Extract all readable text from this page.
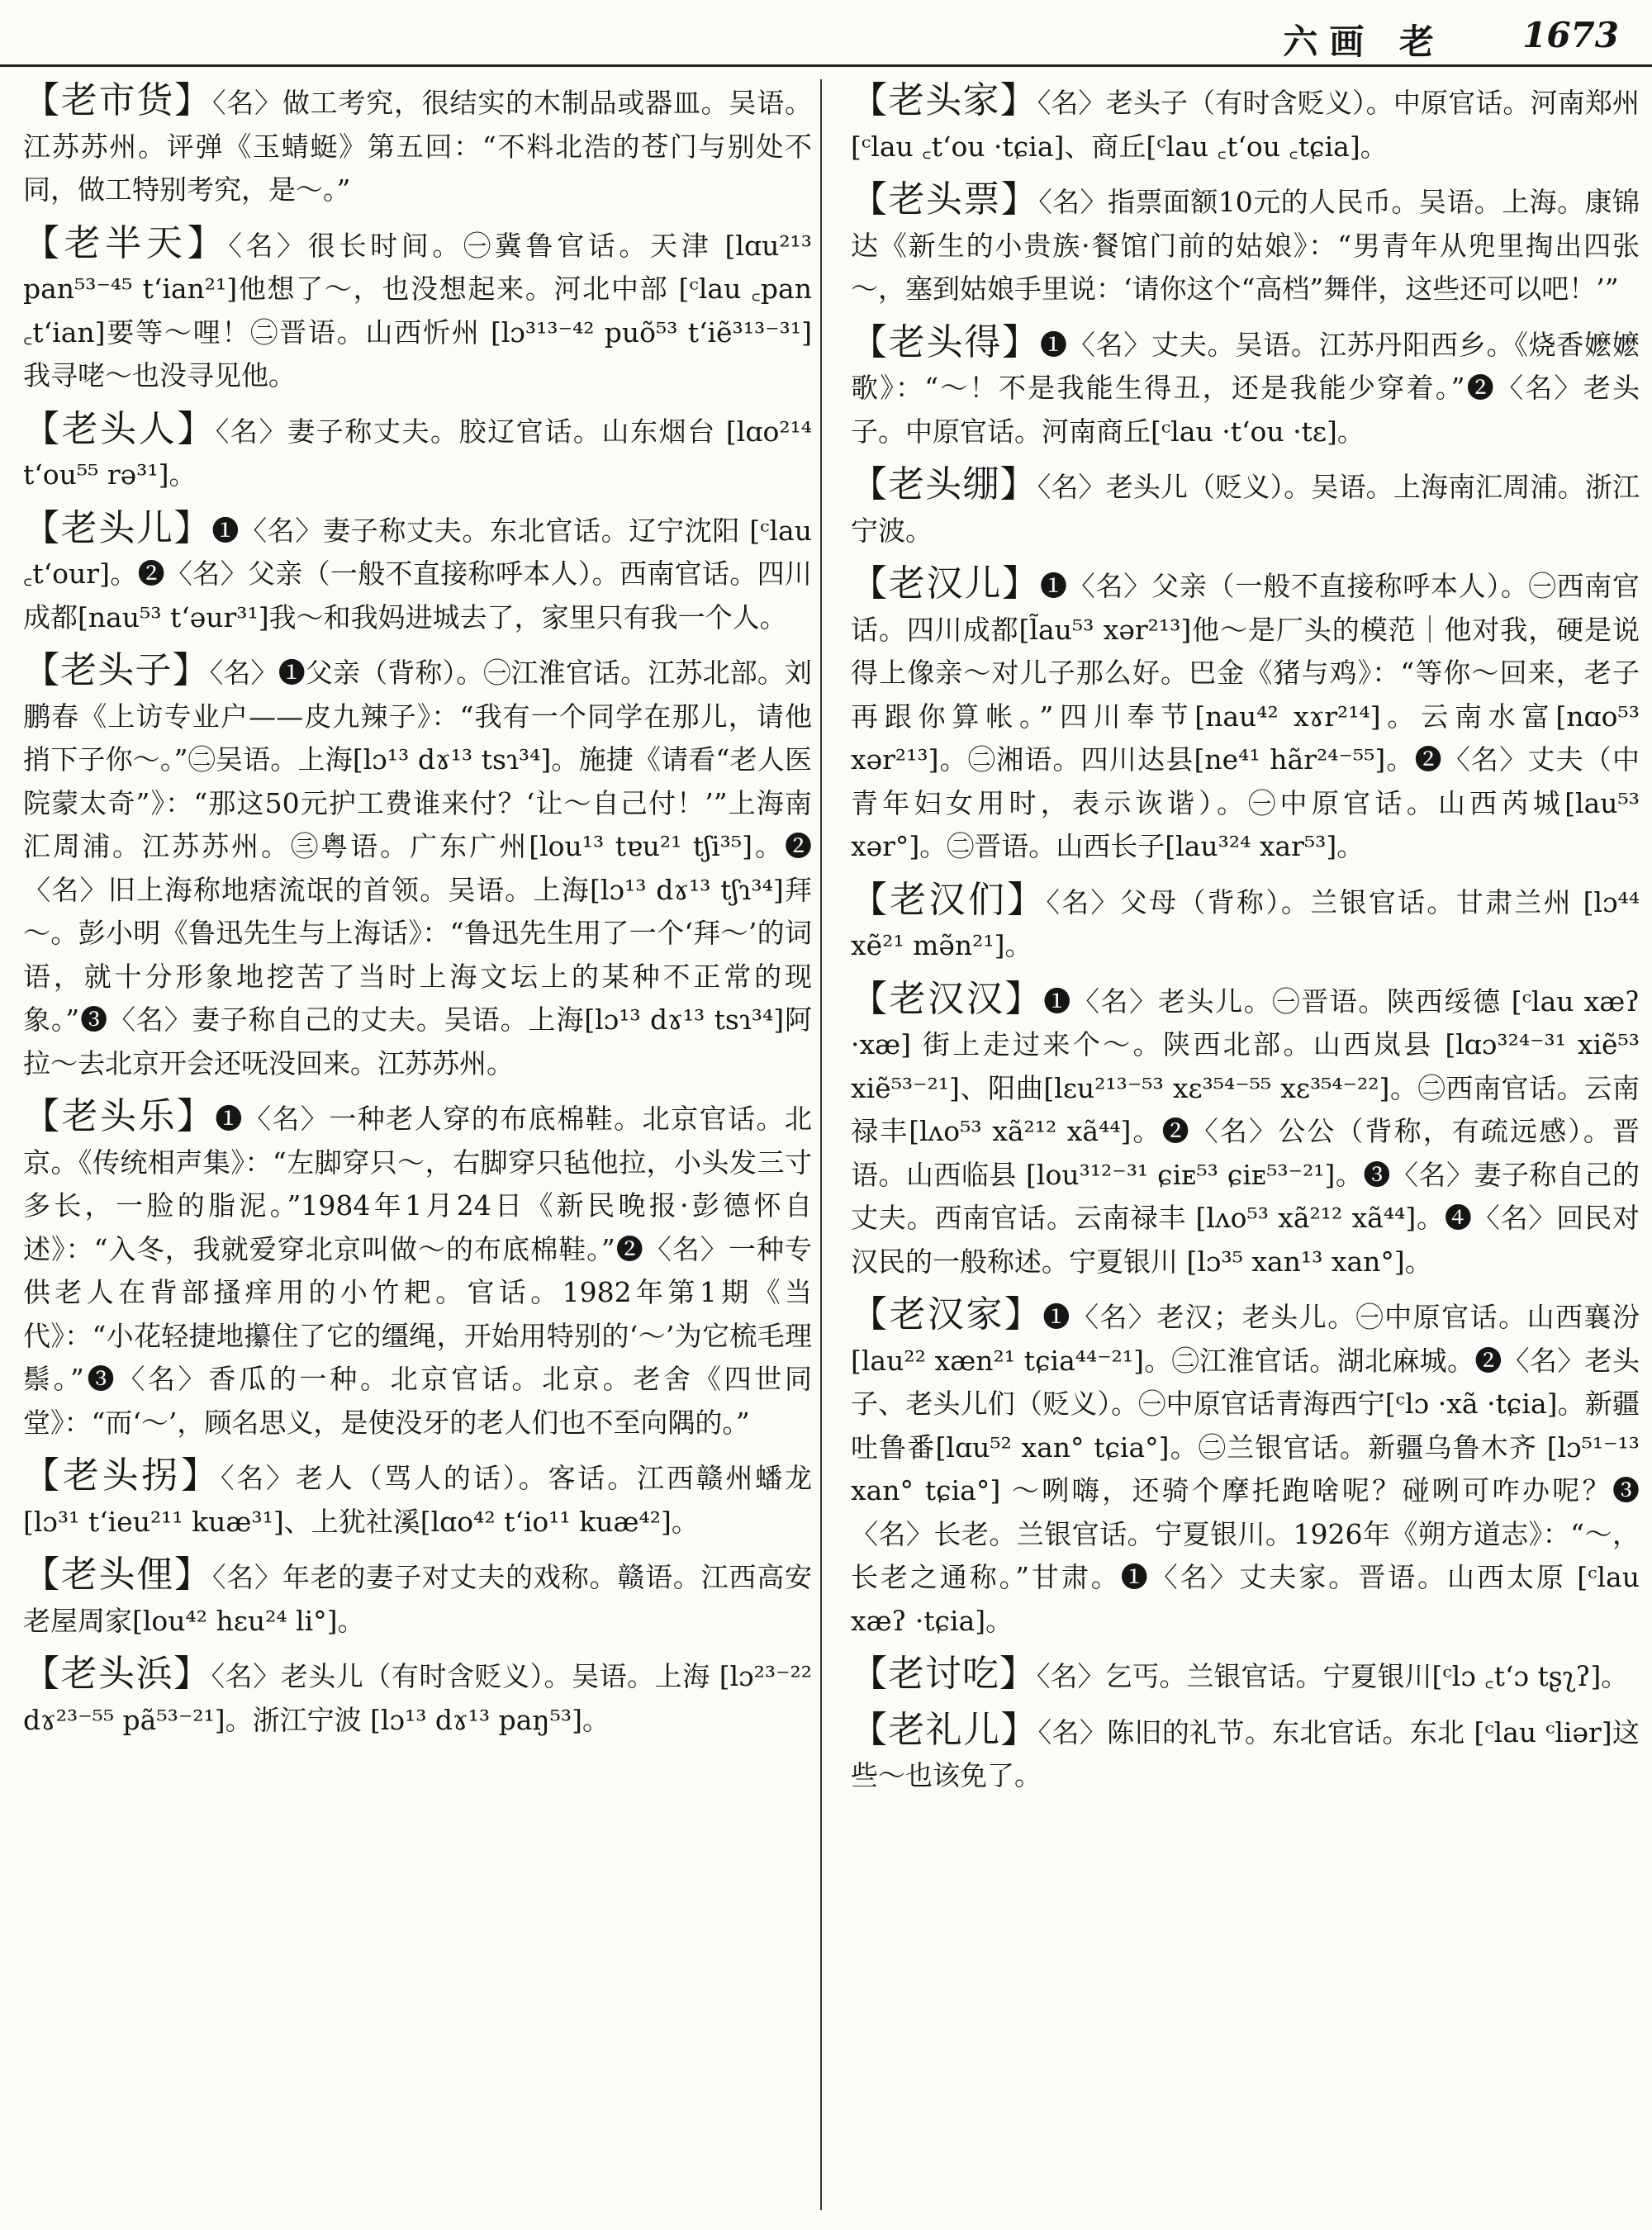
六画 老 1673
【老市货】〈名〉做工考究，很结实的木制品或器皿。吴语。江苏苏州。评弹《玉蜻蜓》第五回：“不料北浩的苍门与别处不同，做工特别考究，是～。”
【老半天】〈名〉很长时间。㊀冀鲁官话。天津 [lɑu²¹³ pan⁵³⁻⁴⁵ tʻian²¹]他想了～，也没想起来。河北中部 [ᶜlau ꜀pan ꜀tʻian]要等～哩！㊁晋语。山西忻州 [lɔ³¹³⁻⁴² puõ⁵³ tʻiẽ³¹³⁻³¹]我寻咾～也没寻见他。
【老头人】〈名〉妻子称丈夫。胶辽官话。山东烟台 [lɑo²¹⁴ tʻou⁵⁵ rə³¹]。
【老头儿】❶〈名〉妻子称丈夫。东北官话。辽宁沈阳 [ᶜlau ꜀tʻour]。❷〈名〉父亲（一般不直接称呼本人）。西南官话。四川成都[nau⁵³ tʻəur³¹]我～和我妈进城去了，家里只有我一个人。
【老头子】〈名〉❶父亲（背称）。㊀江淮官话。江苏北部。刘鹏春《上访专业户——皮九辣子》：“我有一个同学在那儿，请他捎下子你～。”㊁吴语。上海[lɔ¹³ dɤ¹³ tsɿ³⁴]。施捷《请看“老人医院蒙太奇”》：“那这50元护工费谁来付？‘让～自己付！’”上海南汇周浦。江苏苏州。㊂粤语。广东广州[lou¹³ tɐu²¹ tʃi³⁵]。❷〈名〉旧上海称地痞流氓的首领。吴语。上海[lɔ¹³ dɤ¹³ tʃɿ³⁴]拜～。彭小明《鲁迅先生与上海话》：“鲁迅先生用了一个‘拜～’的词语，就十分形象地挖苦了当时上海文坛上的某种不正常的现象。”❸〈名〉妻子称自己的丈夫。吴语。上海[lɔ¹³ dɤ¹³ tsɿ³⁴]阿拉～去北京开会还呒没回来。江苏苏州。
【老头乐】❶〈名〉一种老人穿的布底棉鞋。北京官话。北京。《传统相声集》：“左脚穿只～，右脚穿只毡他拉，小头发三寸多长，一脸的脂泥。”1984年1月24日《新民晚报·彭德怀自述》：“入冬，我就爱穿北京叫做～的布底棉鞋。”❷〈名〉一种专供老人在背部搔痒用的小竹耙。官话。1982年第1期《当代》：“小花轻捷地攥住了它的缰绳，开始用特别的‘～’为它梳毛理鬃。”❸〈名〉香瓜的一种。北京官话。北京。老舍《四世同堂》：“而‘～’，顾名思义，是使没牙的老人们也不至向隅的。”
【老头拐】〈名〉老人（骂人的话）。客话。江西赣州蟠龙 [lɔ³¹ tʻieu²¹¹ kuæ³¹]、上犹社溪[lɑo⁴² tʻio¹¹ kuæ⁴²]。
【老头俚】〈名〉年老的妻子对丈夫的戏称。赣语。江西高安老屋周家[lou⁴² hɛu²⁴ li°]。
【老头浜】〈名〉老头儿（有时含贬义）。吴语。上海 [lɔ²³⁻²² dɤ²³⁻⁵⁵ pã⁵³⁻²¹]。浙江宁波 [lɔ¹³ dɤ¹³ paŋ⁵³]。
【老头家】〈名〉老头子（有时含贬义）。中原官话。河南郑州[ᶜlau ꜀tʻou ·tɕia]、商丘[ᶜlau ꜀tʻou ꜀tɕia]。
【老头票】〈名〉指票面额10元的人民币。吴语。上海。康锦达《新生的小贵族·餐馆门前的姑娘》：“男青年从兜里掏出四张～，塞到姑娘手里说：‘请你这个“高档”舞伴，这些还可以吧！’”
【老头得】❶〈名〉丈夫。吴语。江苏丹阳西乡。《烧香嬷嬷歌》：“～！不是我能生得丑，还是我能少穿着。”❷〈名〉老头子。中原官话。河南商丘[ᶜlau ·tʻou ·tɛ]。
【老头绷】〈名〉老头儿（贬义）。吴语。上海南汇周浦。浙江宁波。
【老汉儿】❶〈名〉父亲（一般不直接称呼本人）。㊀西南官话。四川成都[l̃au⁵³ xər²¹³]他～是厂头的模范｜他对我，硬是说得上像亲～对儿子那么好。巴金《猪与鸡》：“等你～回来，老子再跟你算帐。”四川奉节[nau⁴² xɤr²¹⁴]。云南水富[nɑo⁵³ xər²¹³]。㊁湘语。四川达县[ne⁴¹ hãr²⁴⁻⁵⁵]。❷〈名〉丈夫（中青年妇女用时，表示诙谐）。㊀中原官话。山西芮城[lau⁵³ xər°]。㊁晋语。山西长子[lau³²⁴ xar⁵³]。
【老汉们】〈名〉父母（背称）。兰银官话。甘肃兰州 [lɔ⁴⁴ xẽ²¹ mə̃n²¹]。
【老汉汉】❶〈名〉老头儿。㊀晋语。陕西绥德 [ᶜlau xæʔ ·xæ] 街上走过来个～。陕西北部。山西岚县 [lɑɔ³²⁴⁻³¹ xiẽ⁵³ xiẽ⁵³⁻²¹]、阳曲[lɛu²¹³⁻⁵³ xɛ³⁵⁴⁻⁵⁵ xɛ³⁵⁴⁻²²]。㊁西南官话。云南禄丰[lʌo⁵³ xã²¹² xã⁴⁴]。❷〈名〉公公（背称，有疏远感）。晋语。山西临县 [lou³¹²⁻³¹ ɕiᴇ⁵³ ɕiᴇ⁵³⁻²¹]。❸〈名〉妻子称自己的丈夫。西南官话。云南禄丰 [lʌo⁵³ xã²¹² xã⁴⁴]。❹〈名〉回民对汉民的一般称述。宁夏银川 [lɔ³⁵ xan¹³ xan°]。
【老汉家】❶〈名〉老汉；老头儿。㊀中原官话。山西襄汾[lau²² xæn²¹ tɕia⁴⁴⁻²¹]。㊁江淮官话。湖北麻城。❷〈名〉老头子、老头儿们（贬义）。㊀中原官话青海西宁[ᶜlɔ ·xã ·tɕia]。新疆吐鲁番[lɑu⁵² xan° tɕia°]。㊁兰银官话。新疆乌鲁木齐 [lɔ⁵¹⁻¹³ xan° tɕia°] ～咧嗨，还骑个摩托跑啥呢？碰咧可咋办呢？❸〈名〉长老。兰银官话。宁夏银川。1926年《朔方道志》：“～，长老之通称。”甘肃。❶〈名〉丈夫家。晋语。山西太原 [ᶜlau xæʔ ·tɕia]。
【老讨吃】〈名〉乞丐。兰银官话。宁夏银川[ᶜlɔ ꜀tʻɔ tʂʅʔ]。
【老礼儿】〈名〉陈旧的礼节。东北官话。东北 [ᶜlau ᶜliər]这些～也该免了。
